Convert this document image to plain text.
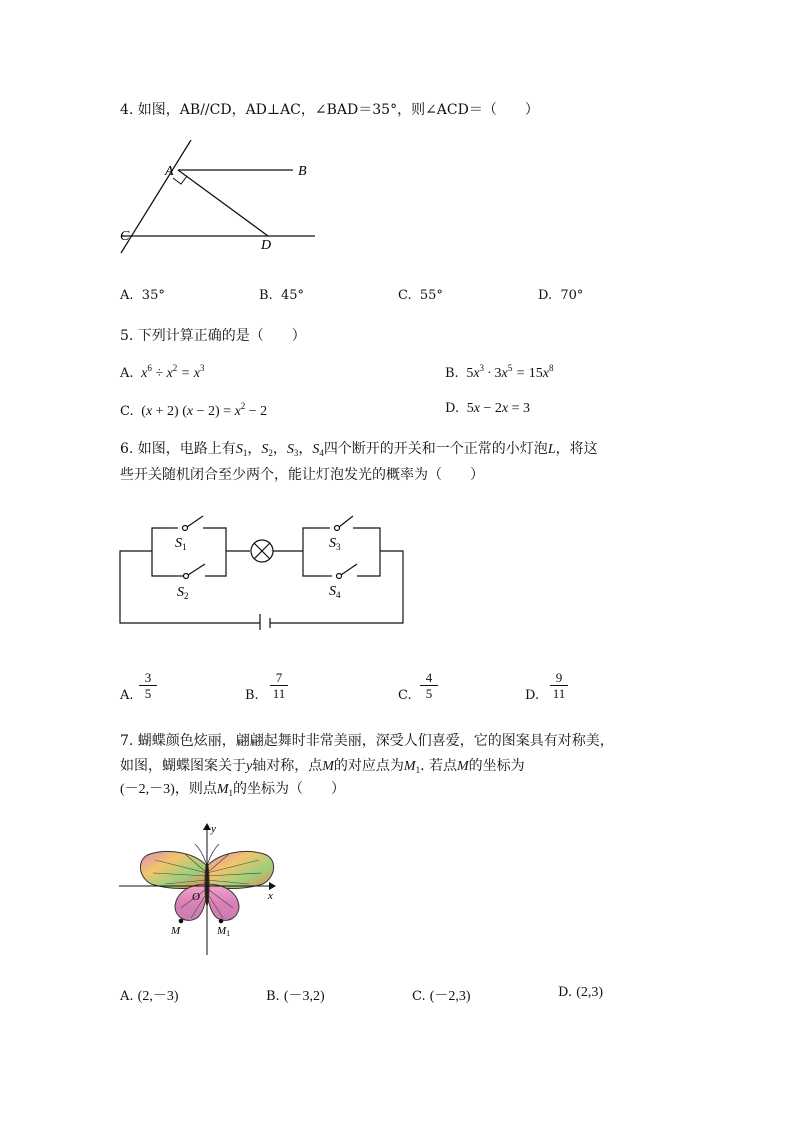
4. 如图，AB//CD，AD⊥AC，∠BAD＝35°，则∠ACD＝（　　）
A	B
C
D
A. 35°	B. 45°	C. 55°	D. 70°
5. 下列计算正确的是（　　）
A.  $x^6 \div x^2 = x^3$	B. $5x^3 \cdot 3x^5 = 15x^8$
C. (x + 2) $(x - 2) = x^2 - 2$	D. 5x − 2x = 3
6. 如图，电路上有$S_1$，$S_2$，$S_3$，$S_4$四个断开的开关和一个正常的小灯泡L，将这
些开关随机闭合至少两个，能让灯泡发光的概率为（　　）
$S_1$
$S_2$
$S_3$
$S_4$
A.
3
5	B.
7
11	C.
4
5	D.
9
11
7. 蝴蝶颜色炫丽，翩翩起舞时非常美丽，深受人们喜爱，它的图案具有对称美，
如图，蝴蝶图案关于y轴对称，点M的对应点为$M_1$. 若点M的坐标为
(－2,－3)，则点$M_1$的坐标为（　　）
y
x
O
M	M1
A. (2,－3)	B. (－3,2)	C. (－2,3)	D. (2,3)
